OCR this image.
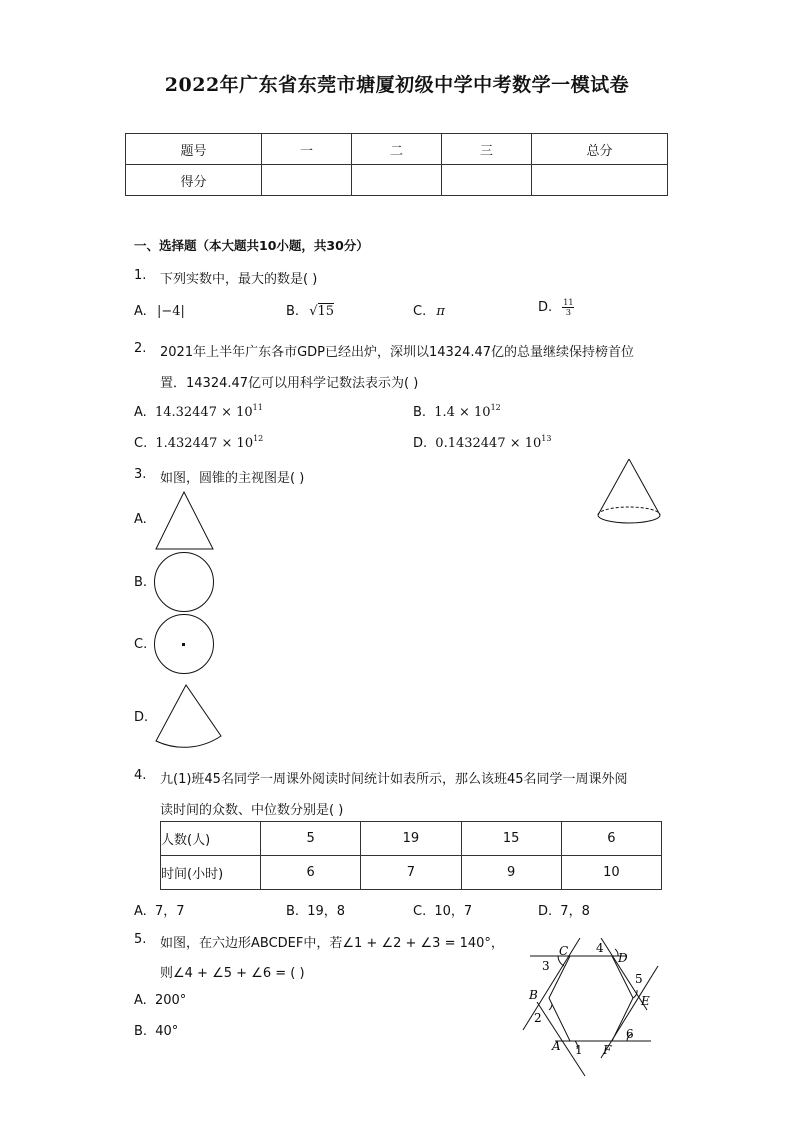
2022年广东省东莞市塘厦初级中学中考数学一模试卷
题号	一	二	三	总分
得分				
一、选择题（本大题共10小题，共30分）
1. 下列实数中，最大的数是( )
A. |−4|	B. √15	C. π	D. $\frac{11}{3}$
2. 2021年上半年广东各市GDP已经出炉，深圳以14324.47亿的总量继续保持榜首位
置．14324.47亿可以用科学记数法表示为( )
A. $14.32447 \times 10^{11}$	B. $1.4 \times 10^{12}$
C. $1.432447 \times 10^{12}$	D. $0.1432447 \times 10^{13}$
3. 如图，圆锥的主视图是( )
A.
B.
C.
D.
4. 九(1)班45名同学一周课外阅读时间统计如表所示，那么该班45名同学一周课外阅
读时间的众数、中位数分别是( )
人数(人)	5	19	15	6
时间(小时)	6	7	9	10
A. 7，7	B. 19，8	C. 10，7	D. 7，8
5. 如图，在六边形ABCDEF中，若∠1 + ∠2 + ∠3 = 140°，
则∠4 + ∠5 + ∠6 = ( )
A. 200°
B. 40°
C	D
E
F
A
B
1
2
3
4
5
6
